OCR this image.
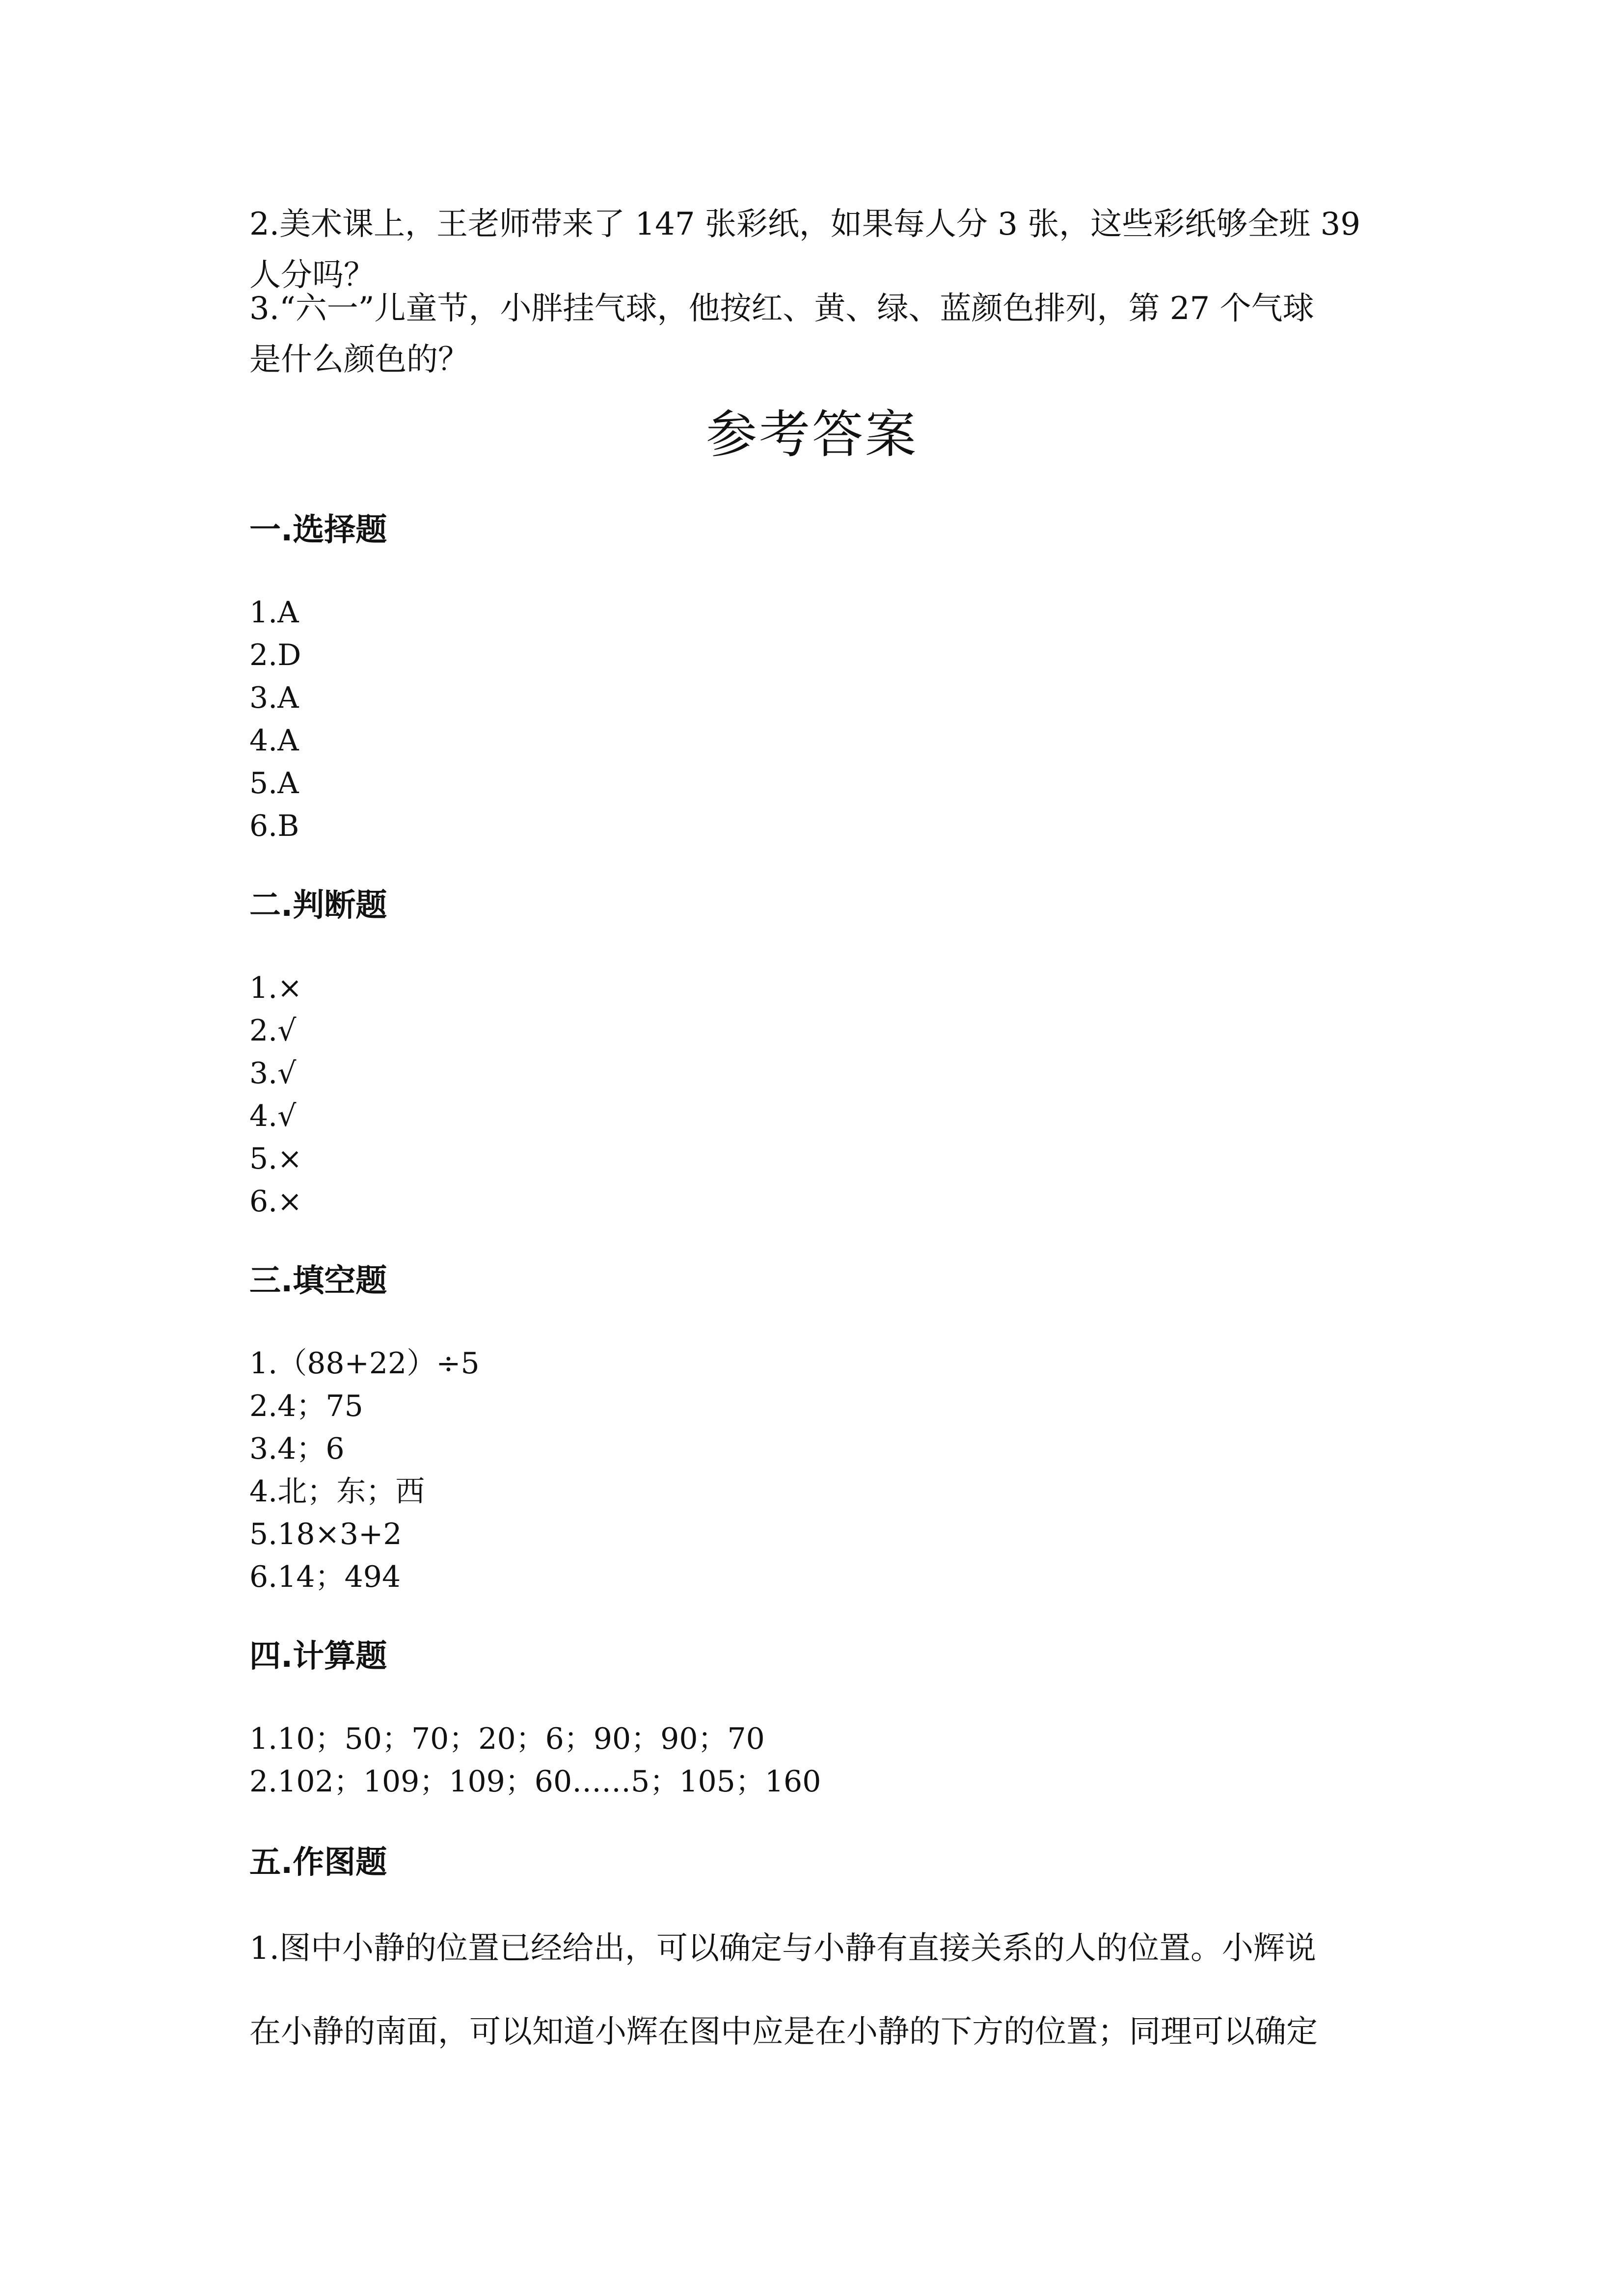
2.美术课上，王老师带来了 147 张彩纸，如果每人分 3 张，这些彩纸够全班 39
人分吗？
3.“六一”儿童节，小胖挂气球，他按红、黄、绿、蓝颜色排列，第 27 个气球
是什么颜色的？
参考答案
一.选择题
1.A
2.D
3.A
4.A
5.A
6.B
二.判断题
1.×
2.√
3.√
4.√
5.×
6.×
三.填空题
1.（88+22）÷5
2.4；75
3.4；6
4.北；东；西
5.18×3+2
6.14；494
四.计算题
1.10；50；70；20；6；90；90；70
2.102；109；109；60……5；105；160
五.作图题
1.图中小静的位置已经给出，可以确定与小静有直接关系的人的位置。小辉说
在小静的南面，可以知道小辉在图中应是在小静的下方的位置；同理可以确定
